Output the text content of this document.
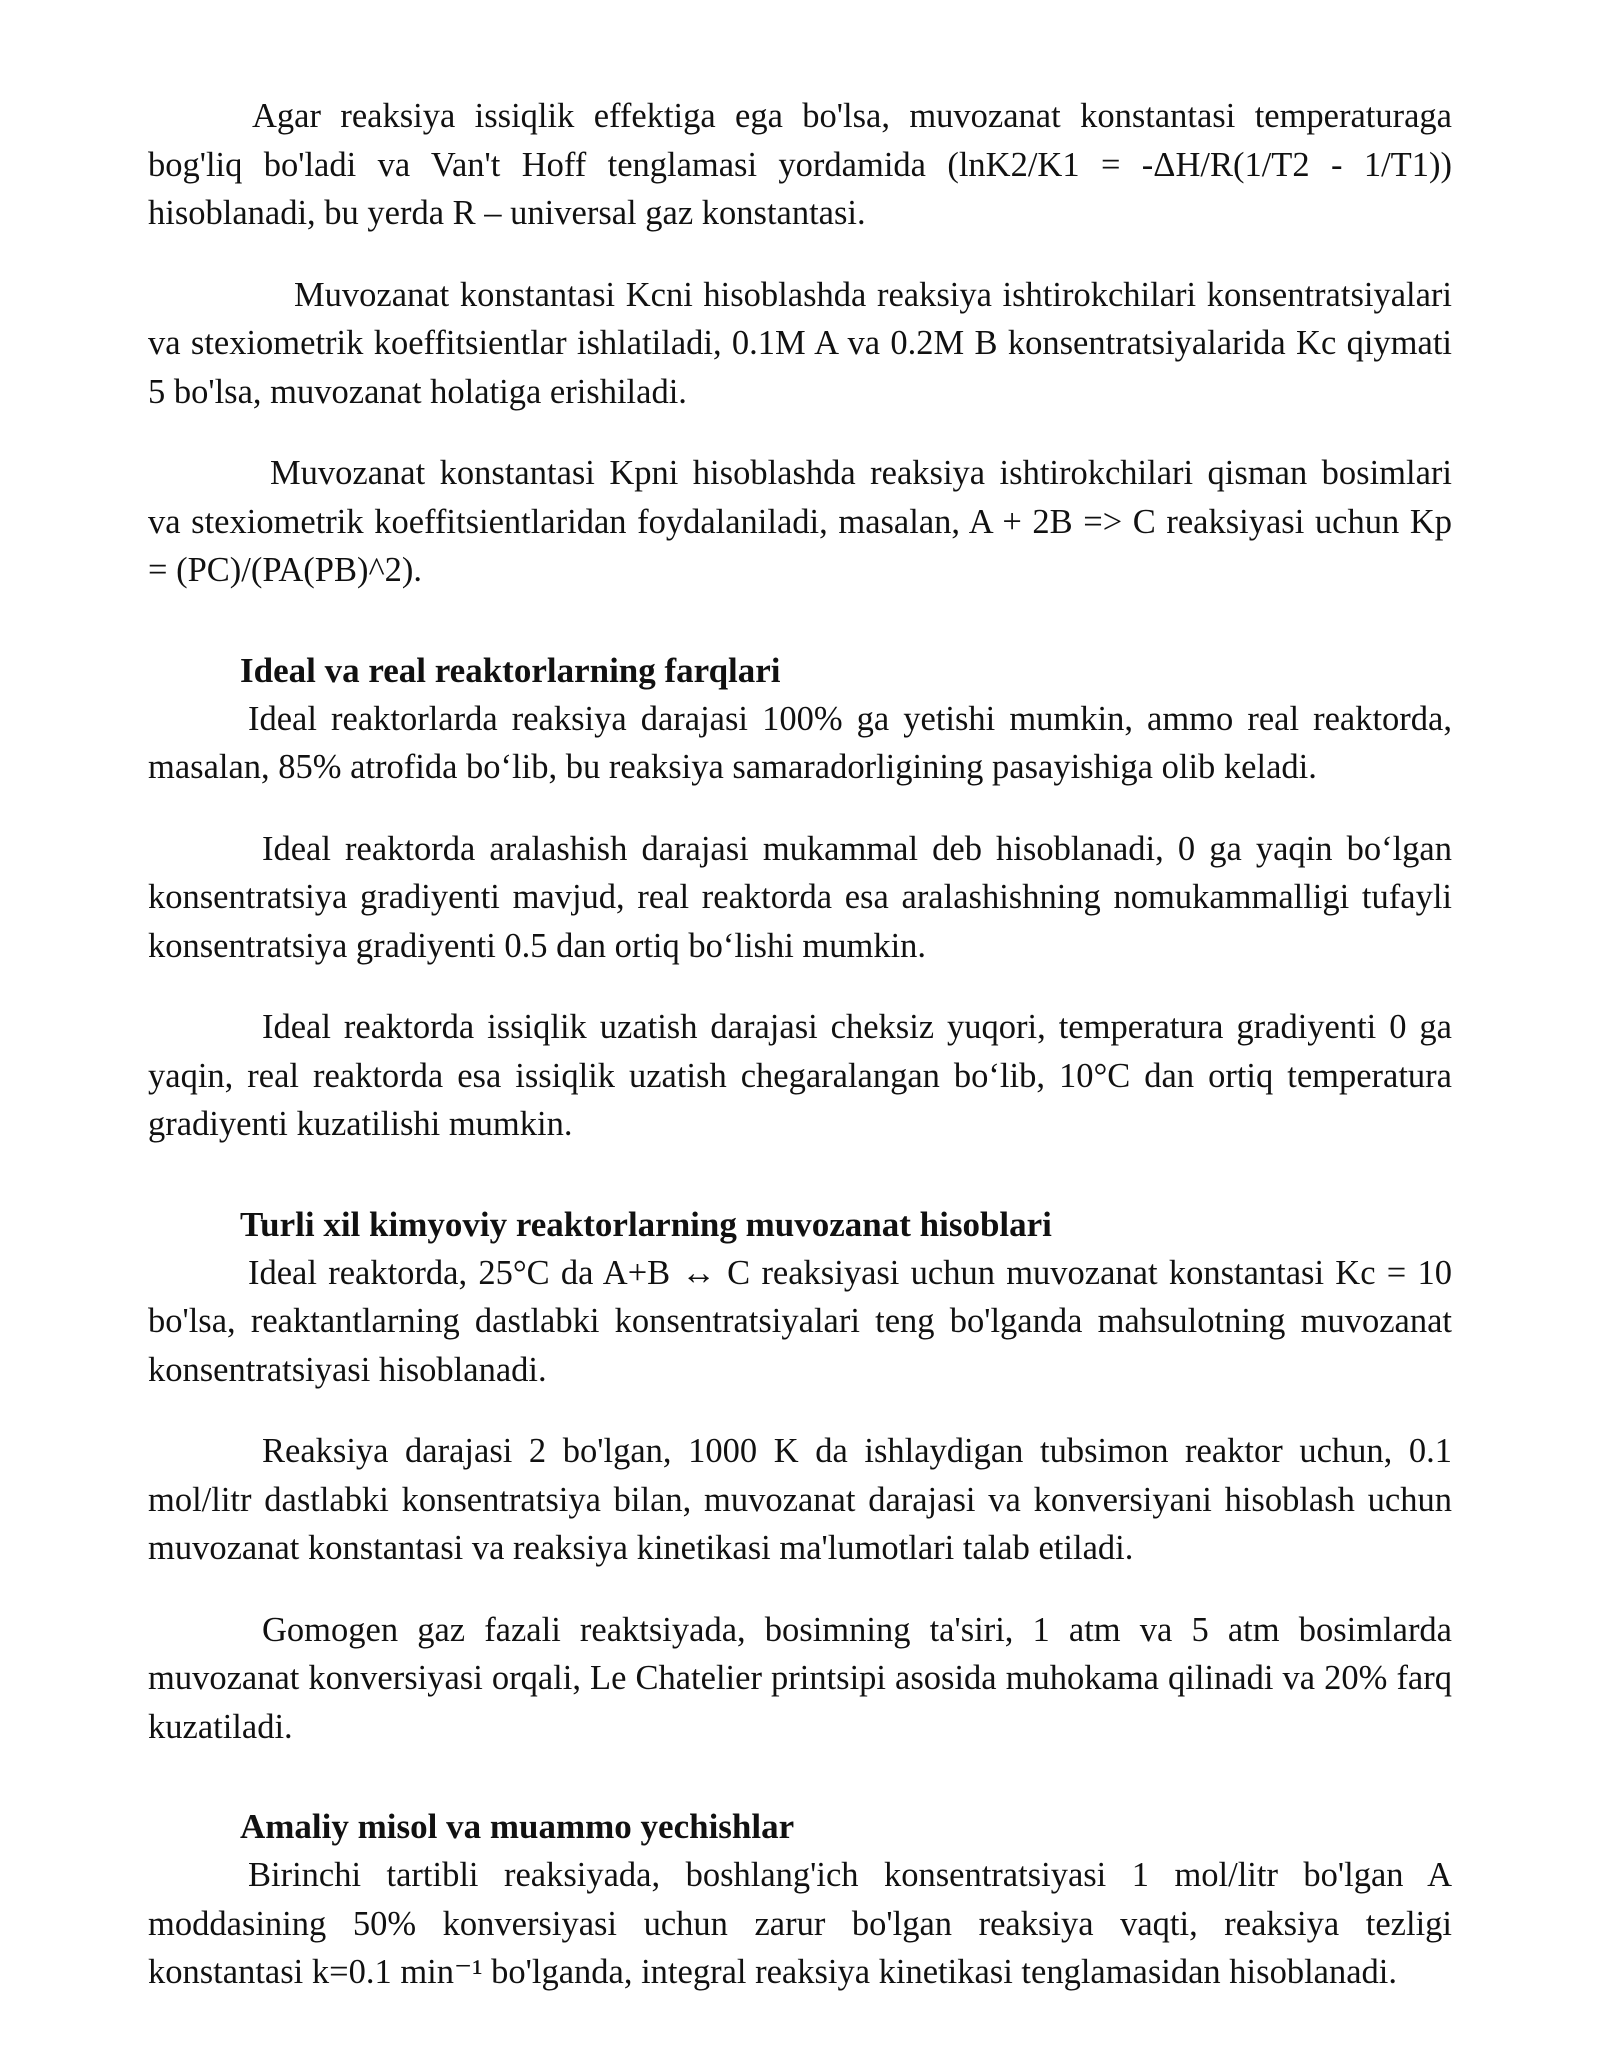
Agar reaksiya issiqlik effektiga ega bo'lsa, muvozanat konstantasi temperaturaga bog'liq bo'ladi va Van't Hoff tenglamasi yordamida (lnK2/K1 = -ΔH/R(1/T2 - 1/T1)) hisoblanadi, bu yerda R – universal gaz konstantasi.

Muvozanat konstantasi Kcni hisoblashda reaksiya ishtirokchilari konsentratsiyalari va stexiometrik koeffitsientlar ishlatiladi, 0.1M A va 0.2M B konsentratsiyalarida Kc qiymati 5 bo'lsa, muvozanat holatiga erishiladi.

Muvozanat konstantasi Kpni hisoblashda reaksiya ishtirokchilari qisman bosimlari va stexiometrik koeffitsientlaridan foydalaniladi, masalan, A + 2B => C reaksiyasi uchun Kp = (PC)/(PA(PB)^2).

Ideal va real reaktorlarning farqlari

Ideal reaktorlarda reaksiya darajasi 100% ga yetishi mumkin, ammo real reaktorda, masalan, 85% atrofida bo‘lib, bu reaksiya samaradorligining pasayishiga olib keladi.

Ideal reaktorda aralashish darajasi mukammal deb hisoblanadi, 0 ga yaqin bo‘lgan konsentratsiya gradiyenti mavjud, real reaktorda esa aralashishning nomukammalligi tufayli konsentratsiya gradiyenti 0.5 dan ortiq bo‘lishi mumkin.

Ideal reaktorda issiqlik uzatish darajasi cheksiz yuqori, temperatura gradiyenti 0 ga yaqin, real reaktorda esa issiqlik uzatish chegaralangan bo‘lib, 10°C dan ortiq temperatura gradiyenti kuzatilishi mumkin.

Turli xil kimyoviy reaktorlarning muvozanat hisoblari

Ideal reaktorda, 25°C da A+B ↔ C reaksiyasi uchun muvozanat konstantasi Kc = 10 bo'lsa, reaktantlarning dastlabki konsentratsiyalari teng bo'lganda mahsulotning muvozanat konsentratsiyasi hisoblanadi.

Reaksiya darajasi 2 bo'lgan, 1000 K da ishlaydigan tubsimon reaktor uchun, 0.1 mol/litr dastlabki konsentratsiya bilan, muvozanat darajasi va konversiyani hisoblash uchun muvozanat konstantasi va reaksiya kinetikasi ma'lumotlari talab etiladi.

Gomogen gaz fazali reaktsiyada, bosimning ta'siri, 1 atm va 5 atm bosimlarda muvozanat konversiyasi orqali, Le Chatelier printsipi asosida muhokama qilinadi va 20% farq kuzatiladi.

Amaliy misol va muammo yechishlar

Birinchi tartibli reaksiyada, boshlang'ich konsentratsiyasi 1 mol/litr bo'lgan A moddasining 50% konversiyasi uchun zarur bo'lgan reaksiya vaqti, reaksiya tezligi konstantasi k=0.1 min⁻¹ bo'lganda, integral reaksiya kinetikasi tenglamasidan hisoblanadi.
